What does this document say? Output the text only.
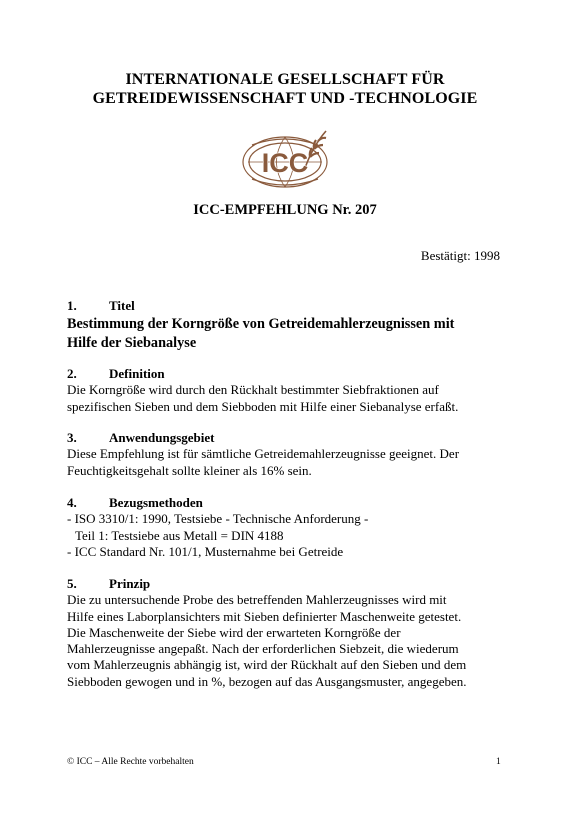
INTERNATIONALE GESELLSCHAFT FÜR
GETREIDEWISSENSCHAFT UND -TECHNOLOGIE
ICC
ICC-EMPFEHLUNG Nr. 207
Bestätigt: 1998
1. Titel
Bestimmung der Korngröße von Getreidemahlerzeugnissen mit
Hilfe der Siebanalyse
2. Definition
Die Korngröße wird durch den Rückhalt bestimmter Siebfraktionen auf
spezifischen Sieben und dem Siebboden mit Hilfe einer Siebanalyse erfaßt.
3. Anwendungsgebiet
Diese Empfehlung ist für sämtliche Getreidemahlerzeugnisse geeignet. Der
Feuchtigkeitsgehalt sollte kleiner als 16% sein.
4. Bezugsmethoden
- ISO 3310/1: 1990, Testsiebe - Technische Anforderung -
Teil 1: Testsiebe aus Metall = DIN 4188
- ICC Standard Nr. 101/1, Musternahme bei Getreide
5. Prinzip
Die zu untersuchende Probe des betreffenden Mahlerzeugnisses wird mit
Hilfe eines Laborplansichters mit Sieben definierter Maschenweite getestet.
Die Maschenweite der Siebe wird der erwarteten Korngröße der
Mahlerzeugnisse angepaßt. Nach der erforderlichen Siebzeit, die wiederum
vom Mahlerzeugnis abhängig ist, wird der Rückhalt auf den Sieben und dem
Siebboden gewogen und in %, bezogen auf das Ausgangsmuster, angegeben.
© ICC – Alle Rechte vorbehalten	1
